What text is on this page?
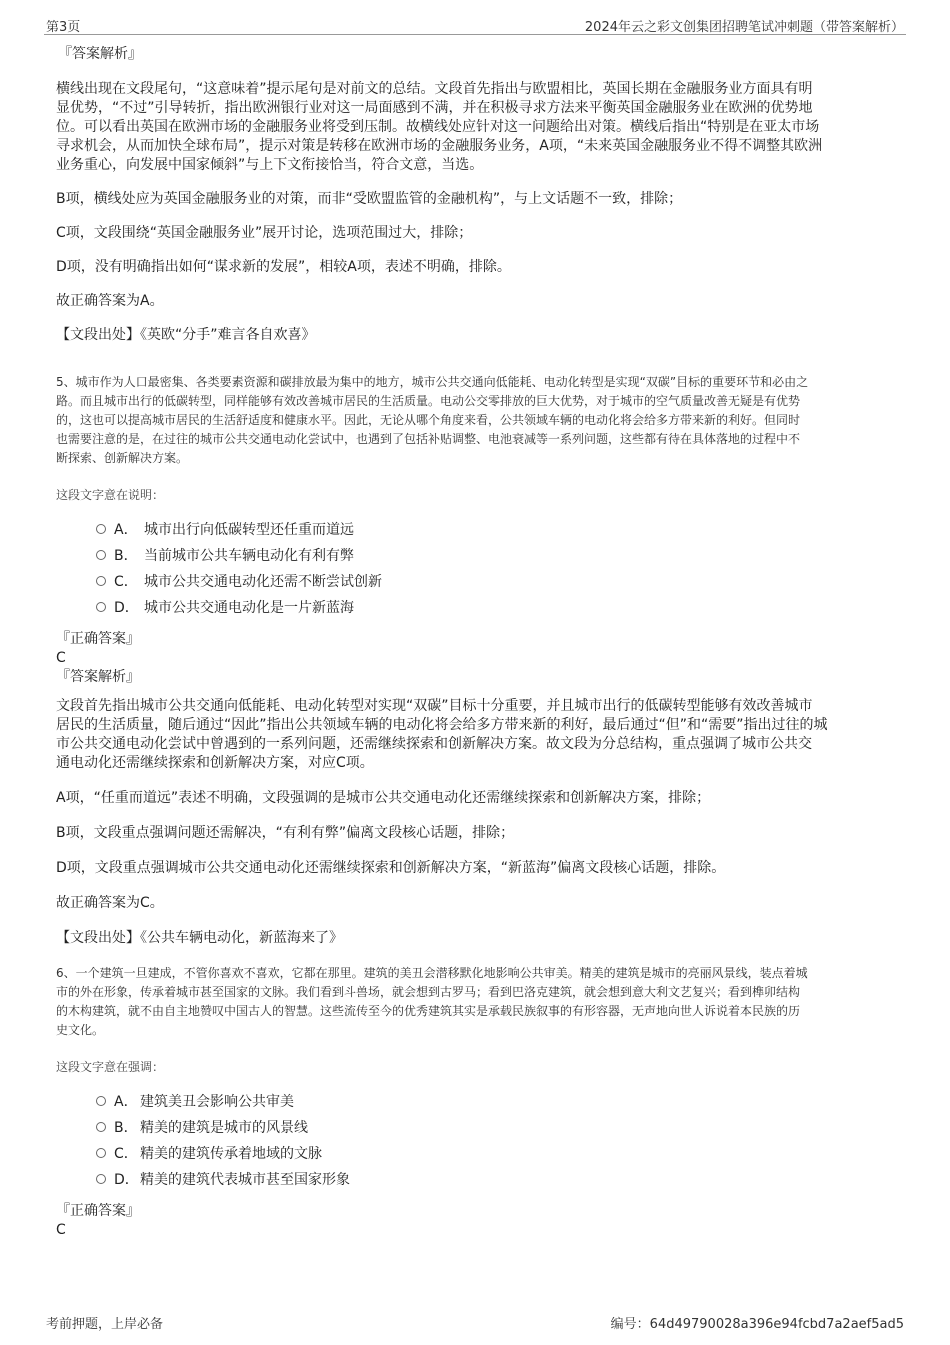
第3页	2024年云之彩文创集团招聘笔试冲刺题（带答案解析）

『答案解析』

横线出现在文段尾句，“这意味着”提示尾句是对前文的总结。文段首先指出与欧盟相比，英国长期在金融服务业方面具有明

显优势，“不过”引导转折，指出欧洲银行业对这一局面感到不满，并在积极寻求方法来平衡英国金融服务业在欧洲的优势地

位。可以看出英国在欧洲市场的金融服务业将受到压制。故横线处应针对这一问题给出对策。横线后指出“特别是在亚太市场

寻求机会，从而加快全球布局”，提示对策是转移在欧洲市场的金融服务业务，A项，“未来英国金融服务业不得不调整其欧洲

业务重心，向发展中国家倾斜”与上下文衔接恰当，符合文意，当选。

B项，横线处应为英国金融服务业的对策，而非“受欧盟监管的金融机构”，与上文话题不一致，排除；

C项，文段围绕“英国金融服务业”展开讨论，选项范围过大，排除；

D项，没有明确指出如何“谋求新的发展”，相较A项，表述不明确，排除。

故正确答案为A。

【文段出处】《英欧“分手”难言各自欢喜》

5、城市作为人口最密集、各类要素资源和碳排放最为集中的地方，城市公共交通向低能耗、电动化转型是实现“双碳”目标的重要环节和必由之

路。而且城市出行的低碳转型，同样能够有效改善城市居民的生活质量。电动公交零排放的巨大优势，对于城市的空气质量改善无疑是有优势

的，这也可以提高城市居民的生活舒适度和健康水平。因此，无论从哪个角度来看，公共领域车辆的电动化将会给多方带来新的利好。但同时

也需要注意的是，在过往的城市公共交通电动化尝试中，也遇到了包括补贴调整、电池衰减等一系列问题，这些都有待在具体落地的过程中不

断探索、创新解决方案。

这段文字意在说明：

A． 城市出行向低碳转型还任重而道远
B． 当前城市公共车辆电动化有利有弊
C． 城市公共交通电动化还需不断尝试创新
D． 城市公共交通电动化是一片新蓝海

『正确答案』

C

『答案解析』

文段首先指出城市公共交通向低能耗、电动化转型对实现“双碳”目标十分重要，并且城市出行的低碳转型能够有效改善城市

居民的生活质量，随后通过“因此”指出公共领域车辆的电动化将会给多方带来新的利好，最后通过“但”和“需要”指出过往的城

市公共交通电动化尝试中曾遇到的一系列问题，还需继续探索和创新解决方案。故文段为分总结构，重点强调了城市公共交

通电动化还需继续探索和创新解决方案，对应C项。

A项，“任重而道远”表述不明确，文段强调的是城市公共交通电动化还需继续探索和创新解决方案，排除；

B项，文段重点强调问题还需解决，“有利有弊”偏离文段核心话题，排除；

D项，文段重点强调城市公共交通电动化还需继续探索和创新解决方案，“新蓝海”偏离文段核心话题，排除。

故正确答案为C。

【文段出处】《公共车辆电动化，新蓝海来了》

6、一个建筑一旦建成，不管你喜欢不喜欢，它都在那里。建筑的美丑会潜移默化地影响公共审美。精美的建筑是城市的亮丽风景线，装点着城

市的外在形象，传承着城市甚至国家的文脉。我们看到斗兽场，就会想到古罗马；看到巴洛克建筑，就会想到意大利文艺复兴；看到榫卯结构

的木构建筑，就不由自主地赞叹中国古人的智慧。这些流传至今的优秀建筑其实是承载民族叙事的有形容器，无声地向世人诉说着本民族的历

史文化。

这段文字意在强调：

A． 建筑美丑会影响公共审美
B． 精美的建筑是城市的风景线
C． 精美的建筑传承着地域的文脉
D． 精美的建筑代表城市甚至国家形象

『正确答案』

C

考前押题，上岸必备	编号：64d49790028a396e94fcbd7a2aef5ad5
